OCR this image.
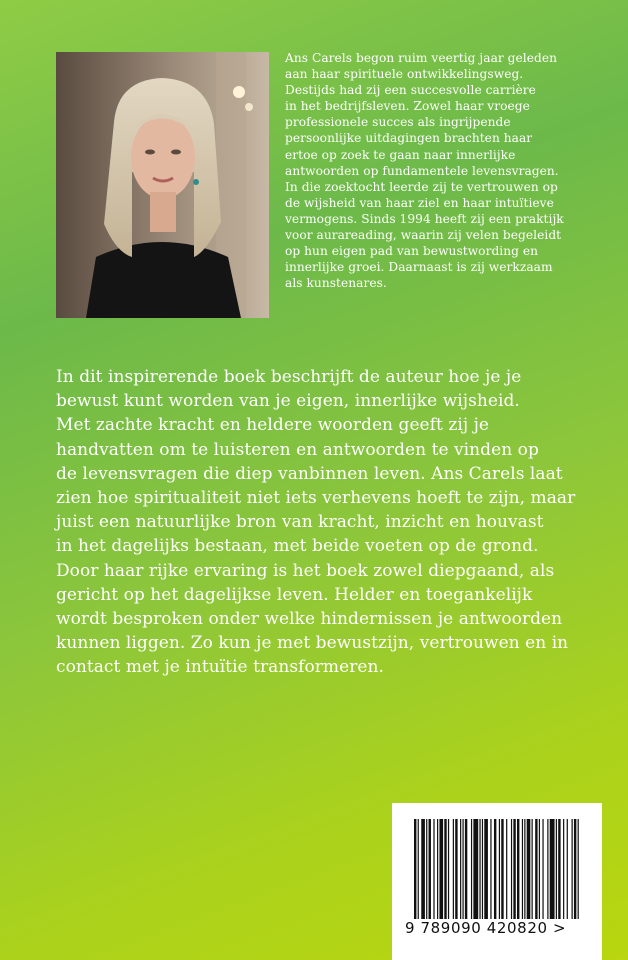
Ans Carels begon ruim veertig jaar geleden
aan haar spirituele ontwikkelingsweg.
Destijds had zij een succesvolle carrière
in het bedrijfsleven. Zowel haar vroege
professionele succes als ingrijpende
persoonlijke uitdagingen brachten haar
ertoe op zoek te gaan naar innerlijke
antwoorden op fundamentele levensvragen.
In die zoektocht leerde zij te vertrouwen op
de wijsheid van haar ziel en haar intuïtieve
vermogens. Sinds 1994 heeft zij een praktijk
voor aurareading, waarin zij velen begeleidt
op hun eigen pad van bewustwording en
innerlijke groei. Daarnaast is zij werkzaam
als kunstenares.
In dit inspirerende boek beschrijft de auteur hoe je je
bewust kunt worden van je eigen, innerlijke wijsheid.
Met zachte kracht en heldere woorden geeft zij je
handvatten om te luisteren en antwoorden te vinden op
de levensvragen die diep vanbinnen leven. Ans Carels laat
zien hoe spiritualiteit niet iets verhevens hoeft te zijn, maar
juist een natuurlijke bron van kracht, inzicht en houvast
in het dagelijks bestaan, met beide voeten op de grond.
Door haar rijke ervaring is het boek zowel diepgaand, als
gericht op het dagelijkse leven. Helder en toegankelijk
wordt besproken onder welke hindernissen je antwoorden
kunnen liggen. Zo kun je met bewustzijn, vertrouwen en in
contact met je intuïtie transformeren.
9 789090 420820 >
